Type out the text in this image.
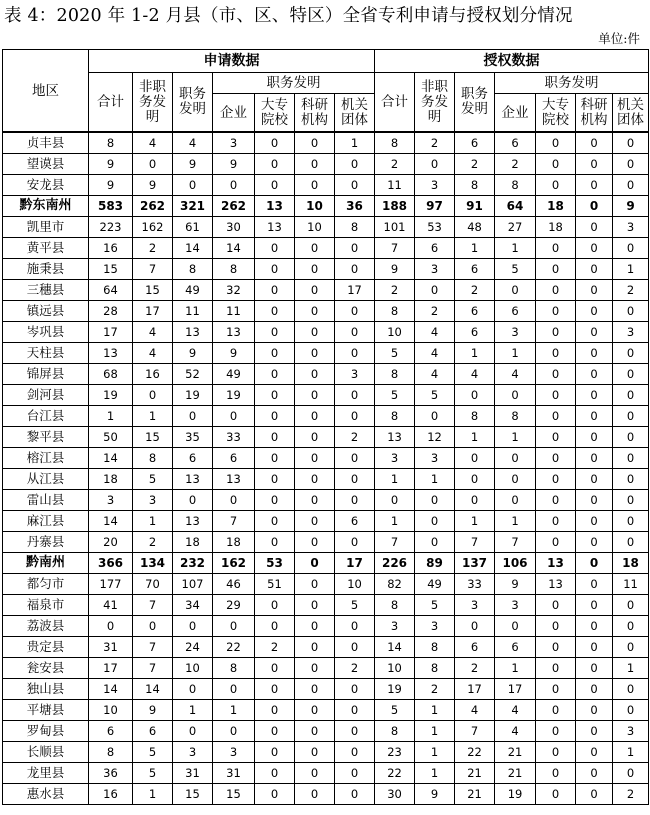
表 4：2020 年 1-2 月县（市、区、特区）全省专利申请与授权划分情况
单位:件
地区	申请数据							授权数据						
	合计	非职务发明	职务发明	职务发明				合计	非职务发明	职务发明	职务发明			
				企业	大专院校	科研机构	机关团体				企业	大专院校	科研机构	机关团体
贞丰县	8	4	4	3	0	0	1	8	2	6	6	0	0	0
望谟县	9	0	9	9	0	0	0	2	0	2	2	0	0	0
安龙县	9	9	0	0	0	0	0	11	3	8	8	0	0	0
黔东南州	583	262	321	262	13	10	36	188	97	91	64	18	0	9
凯里市	223	162	61	30	13	10	8	101	53	48	27	18	0	3
黄平县	16	2	14	14	0	0	0	7	6	1	1	0	0	0
施秉县	15	7	8	8	0	0	0	9	3	6	5	0	0	1
三穗县	64	15	49	32	0	0	17	2	0	2	0	0	0	2
镇远县	28	17	11	11	0	0	0	8	2	6	6	0	0	0
岑巩县	17	4	13	13	0	0	0	10	4	6	3	0	0	3
天柱县	13	4	9	9	0	0	0	5	4	1	1	0	0	0
锦屏县	68	16	52	49	0	0	3	8	4	4	4	0	0	0
剑河县	19	0	19	19	0	0	0	5	5	0	0	0	0	0
台江县	1	1	0	0	0	0	0	8	0	8	8	0	0	0
黎平县	50	15	35	33	0	0	2	13	12	1	1	0	0	0
榕江县	14	8	6	6	0	0	0	3	3	0	0	0	0	0
从江县	18	5	13	13	0	0	0	1	1	0	0	0	0	0
雷山县	3	3	0	0	0	0	0	0	0	0	0	0	0	0
麻江县	14	1	13	7	0	0	6	1	0	1	1	0	0	0
丹寨县	20	2	18	18	0	0	0	7	0	7	7	0	0	0
黔南州	366	134	232	162	53	0	17	226	89	137	106	13	0	18
都匀市	177	70	107	46	51	0	10	82	49	33	9	13	0	11
福泉市	41	7	34	29	0	0	5	8	5	3	3	0	0	0
荔波县	0	0	0	0	0	0	0	3	3	0	0	0	0	0
贵定县	31	7	24	22	2	0	0	14	8	6	6	0	0	0
瓮安县	17	7	10	8	0	0	2	10	8	2	1	0	0	1
独山县	14	14	0	0	0	0	0	19	2	17	17	0	0	0
平塘县	10	9	1	1	0	0	0	5	1	4	4	0	0	0
罗甸县	6	6	0	0	0	0	0	8	1	7	4	0	0	3
长顺县	8	5	3	3	0	0	0	23	1	22	21	0	0	1
龙里县	36	5	31	31	0	0	0	22	1	21	21	0	0	0
惠水县	16	1	15	15	0	0	0	30	9	21	19	0	0	2
